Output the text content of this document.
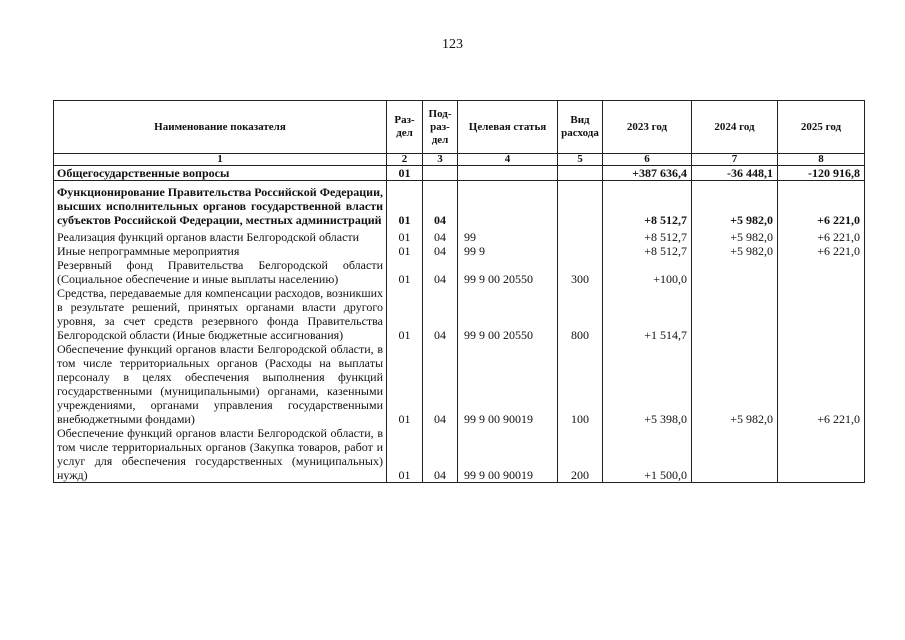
123
Наименование показателя	Раз-дел	Под-раз-дел	Целевая статья	Вид расхода	2023 год	2024 год	2025 год
1	2	3	4	5	6	7	8
Общегосударственные вопросы	01				+387 636,4	-36 448,1	-120 916,8
Функционирование Правительства Российской Федерации, высших исполнительных органов государственной власти субъектов Российской Федерации, местных администраций	01	04			+8 512,7	+5 982,0	+6 221,0
Реализация функций органов власти Белгородской области	01	04	99		+8 512,7	+5 982,0	+6 221,0
Иные непрограммные мероприятия	01	04	99 9		+8 512,7	+5 982,0	+6 221,0
Резервный фонд Правительства Белгородской области (Социальное обеспечение и иные выплаты населению)	01	04	99 9 00 20550	300	+100,0		
Средства, передаваемые для компенсации расходов, возникших в результате решений, принятых органами власти другого уровня, за счет средств резервного фонда Правительства Белгородской области (Иные бюджетные ассигнования)	01	04	99 9 00 20550	800	+1 514,7		
Обеспечение функций органов власти Белгородской области, в том числе территориальных органов (Расходы на выплаты персоналу в целях обеспечения выполнения функций государственными (муниципальными) органами, казенными учреждениями, органами управления государственными внебюджетными фондами)	01	04	99 9 00 90019	100	+5 398,0	+5 982,0	+6 221,0
Обеспечение функций органов власти Белгородской области, в том числе территориальных органов (Закупка товаров, работ и услуг для обеспечения государственных (муниципальных) нужд)	01	04	99 9 00 90019	200	+1 500,0		
